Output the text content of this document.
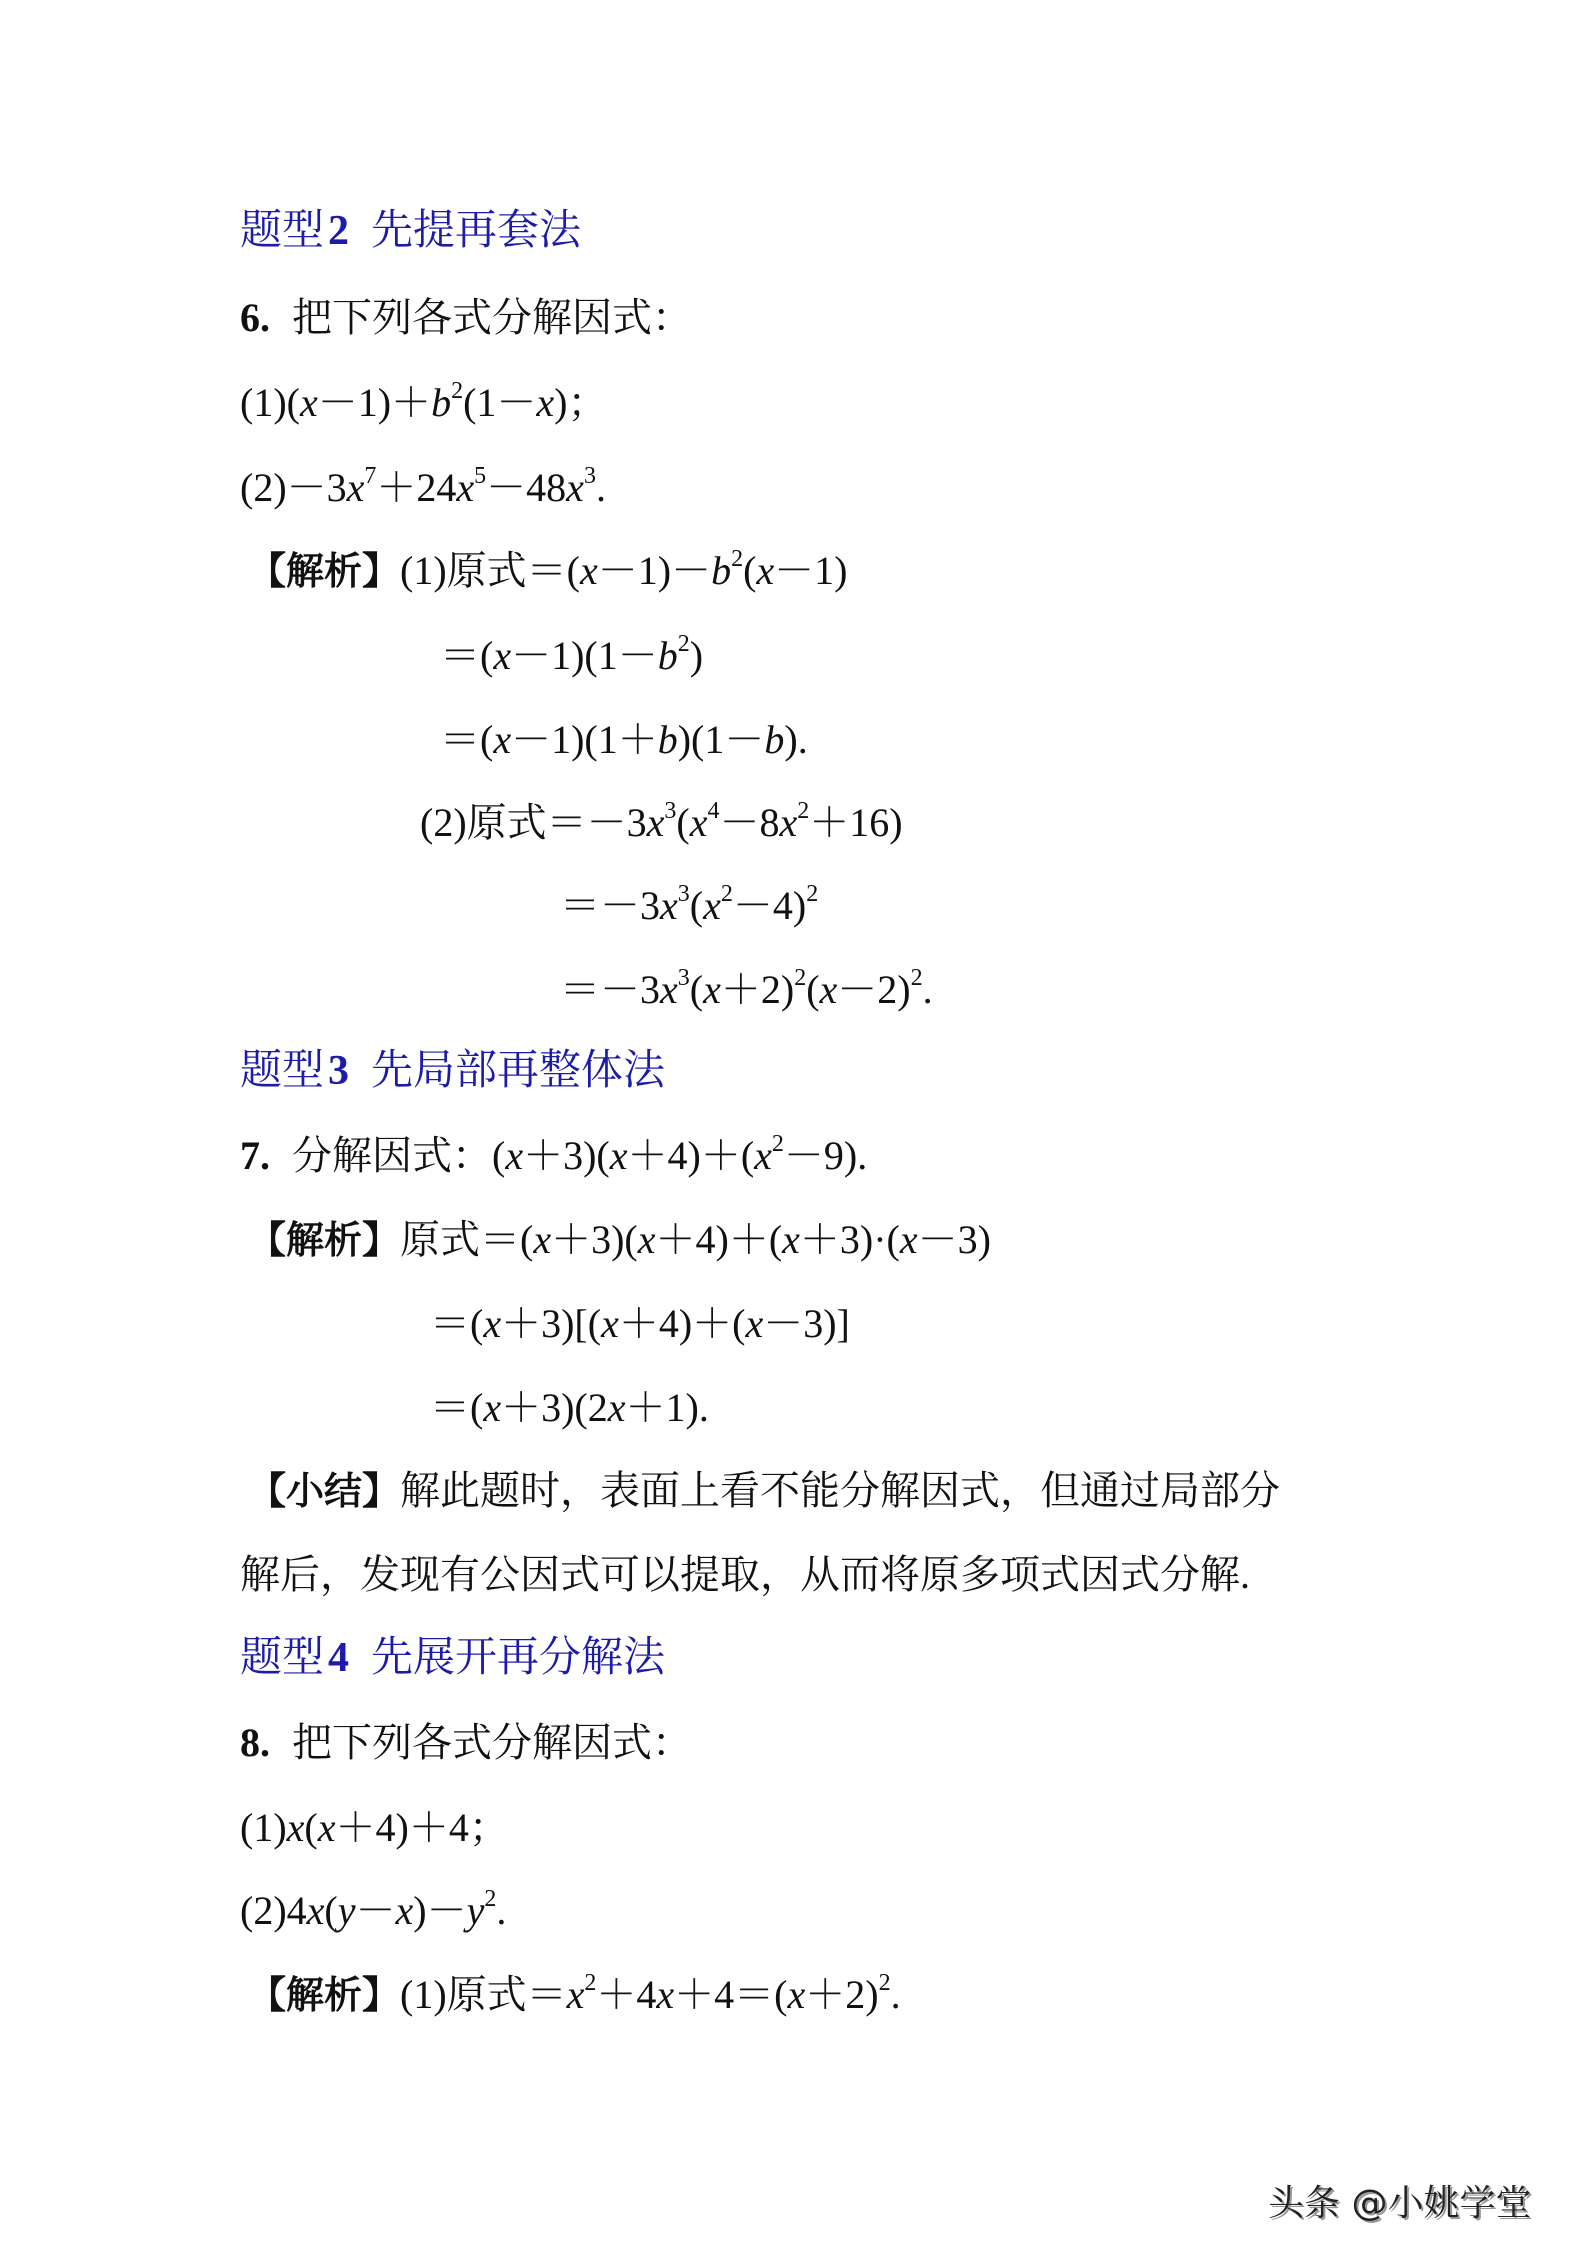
题型2 先提再套法
6. 把下列各式分解因式：
$(1)(x-1)+b^2(1-x)$；
$(2)-3x^7+24x^5-48x^3$.
【解析】(1)原式$=(x-1)-b^2(x-1)$
$=(x-1)(1-b^2)$
＝(x－1)(1＋b)(1－b).
(2)原式$=-3x^3(x^4-8x^2+16)$
$=-3x^3(x^2-4)^2$
$=-3x^3(x+2)^2(x-2)^2$.
题型3 先局部再整体法
7. 分解因式：$(x+3)(x+4)+(x^2-9)$.
【解析】原式＝(x＋3)(x＋4)＋(x＋3)·(x－3)
＝(x＋3)[(x＋4)＋(x－3)]
＝(x＋3)(2x＋1).
【小结】解此题时，表面上看不能分解因式，但通过局部分
解后，发现有公因式可以提取，从而将原多项式因式分解.
题型4 先展开再分解法
8. 把下列各式分解因式：
(1)x(x＋4)＋4；
$(2)4x(y-x)-y^2$.
【解析】(1)原式$=x^2+4x+4=(x+2)^2$.
头条 @小姚学堂
